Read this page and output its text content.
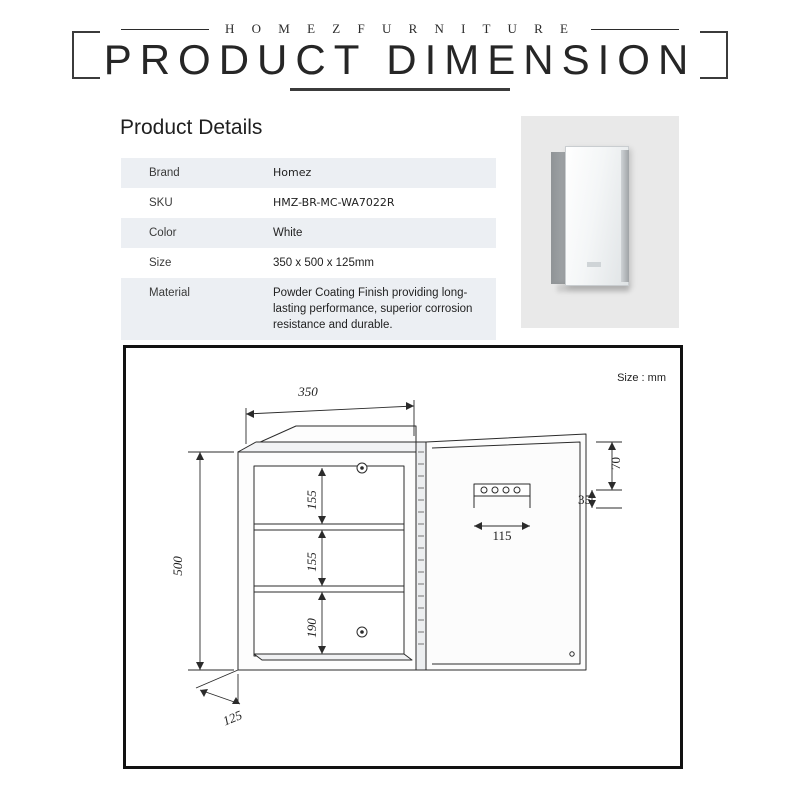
H O M E Z F U R N I T U R E
PRODUCT DIMENSION
Product Details
Brand	Homez
SKU	HMZ-BR-MC-WA7022R
Color	White
Size	350 x 500 x 125mm
Material	Powder Coating Finish providing long-lasting performance, superior corrosion resistance and durable.
Size : mm
350
500
125
155
155
190
115
70
35
